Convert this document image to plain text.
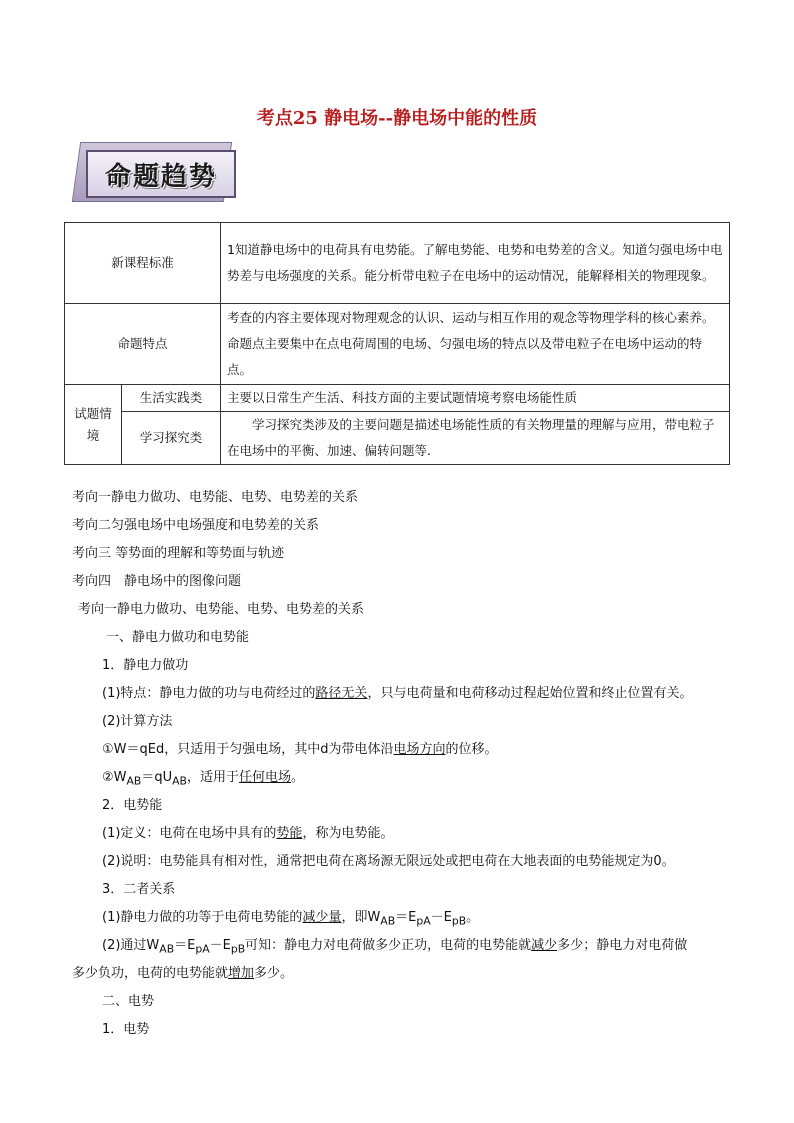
考点25 静电场--静电场中能的性质
命题趋势
新课程标准		1知道静电场中的电荷具有电势能。了解电势能、电势和电势差的含义。知道匀强电场中电势差与电场强度的关系。能分析带电粒子在电场中的运动情况，能解释相关的物理现象。
命题特点		考查的内容主要体现对物理观念的认识、运动与相互作用的观念等物理学科的核心素养。命题点主要集中在点电荷周围的电场、匀强电场的特点以及带电粒子在电场中运动的特点。
试题情境	生活实践类	主要以日常生产生活、科技方面的主要试题情境考察电场能性质
	学习探究类	学习探究类涉及的主要问题是描述电场能性质的有关物理量的理解与应用，带电粒子在电场中的平衡、加速、偏转问题等.
考向一静电力做功、电势能、电势、电势差的关系
考向二匀强电场中电场强度和电势差的关系
考向三 等势面的理解和等势面与轨迹
考向四　静电场中的图像问题
考向一静电力做功、电势能、电势、电势差的关系
一、静电力做功和电势能
1．静电力做功
(1)特点：静电力做的功与电荷经过的路径无关，只与电荷量和电荷移动过程起始位置和终止位置有关。
(2)计算方法
①W＝qEd，只适用于匀强电场，其中d为带电体沿电场方向的位移。
$②W_{AB}=qU_{AB}$，适用于任何电场。
2．电势能
(1)定义：电荷在电场中具有的势能，称为电势能。
(2)说明：电势能具有相对性，通常把电荷在离场源无限远处或把电荷在大地表面的电势能规定为0。
3．二者关系
(1)静电力做的功等于电荷电势能的减少量，即$W_{AB}=E_{pA}-E_{pB}$。
(2)通过$W_{AB}=E_{pA}-E_{pB}$可知：静电力对电荷做多少正功，电荷的电势能就减少多少；静电力对电荷做
多少负功，电荷的电势能就增加多少。
二、电势
1．电势
